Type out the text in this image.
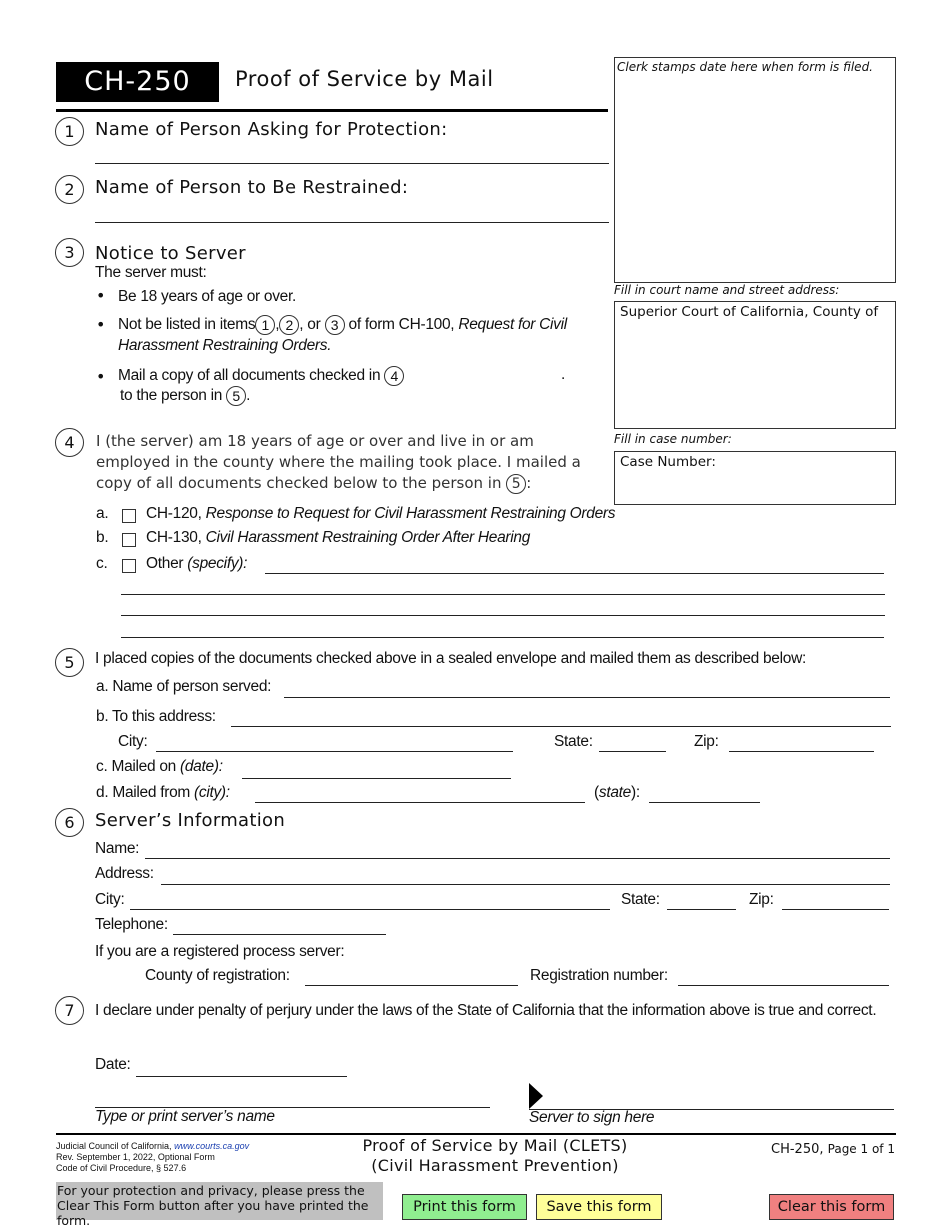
CH-250	Proof of Service by Mail	Clerk stamps date here when form is filed.
Fill in court name and street address:
Superior Court of California, County of
Fill in case number:
Case Number:
1	Name of Person Asking for Protection:
2	Name of Person to Be Restrained:
3	Notice to Server
The server must:
• Be 18 years of age or over.
• Not be listed in items 1 , 2 , or 3 of form CH-100, Request for Civil Harassment Restraining Orders.
• Mail a copy of all documents checked in 4	.
to the person in 5 .
4	I (the server) am 18 years of age or over and live in or am employed in the county where the mailing took place. I mailed a copy of all documents checked below to the person in 5 :
a. CH-120, Response to Request for Civil Harassment Restraining Orders
b. CH-130, Civil Harassment Restraining Order After Hearing
c. Other (specify):
5	I placed copies of the documents checked above in a sealed envelope and mailed them as described below:
a. Name of person served:
b. To this address:
City:	State:	Zip:
c. Mailed on (date):
d. Mailed from (city):	(state):
6	Server’s Information
Name:
Address:
City:	State:	Zip:
Telephone:
If you are a registered process server:
County of registration:	Registration number:
7	I declare under penalty of perjury under the laws of the State of California that the information above is true and correct.
Date:
Type or print server’s name	Server to sign here
Judicial Council of California, www.courts.ca.gov
Rev. September 1, 2022, Optional Form
Code of Civil Procedure, § 527.6
Proof of Service by Mail (CLETS)
(Civil Harassment Prevention)
CH-250, Page 1 of 1
For your protection and privacy, please press the Clear This Form button after you have printed the form.
Print this form	Save this form	Clear this form
